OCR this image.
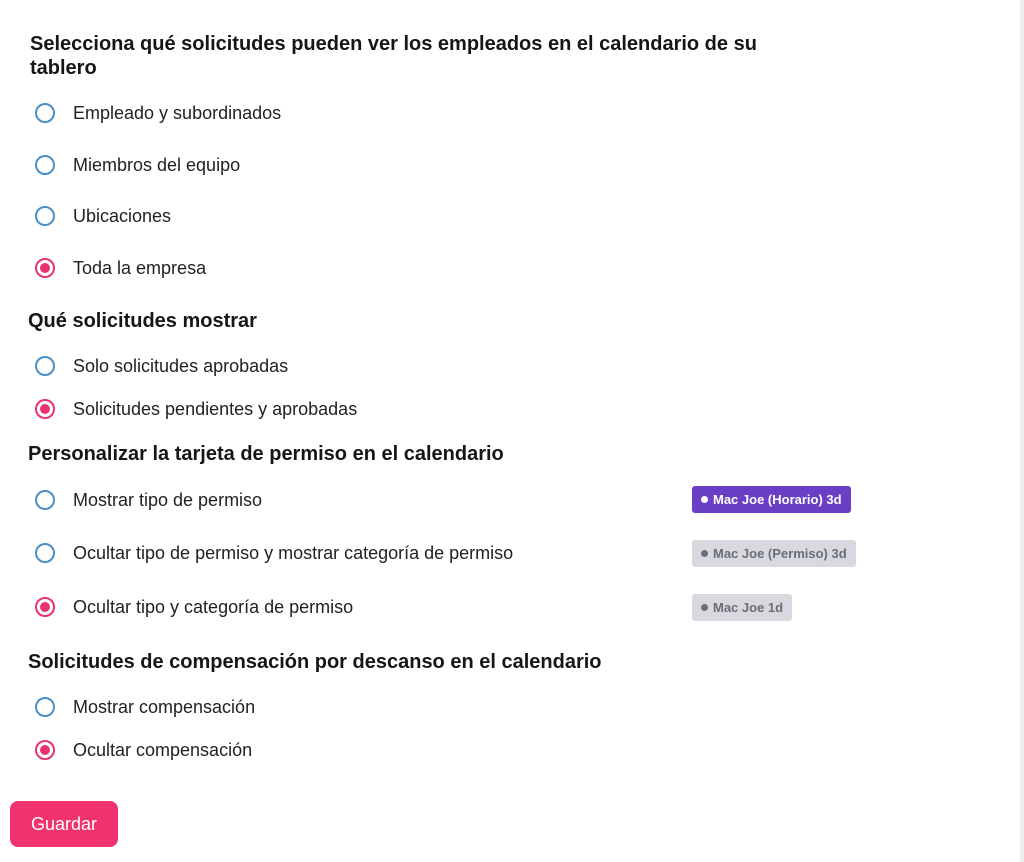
Selecciona qué solicitudes pueden ver los empleados en el calendario de su tablero
Empleado y subordinados
Miembros del equipo
Ubicaciones
Toda la empresa
Qué solicitudes mostrar
Solo solicitudes aprobadas
Solicitudes pendientes y aprobadas
Personalizar la tarjeta de permiso en el calendario
Mostrar tipo de permiso	Mac Joe (Horario) 3d
Ocultar tipo de permiso y mostrar categoría de permiso	Mac Joe (Permiso) 3d
Ocultar tipo y categoría de permiso	Mac Joe 1d
Solicitudes de compensación por descanso en el calendario
Mostrar compensación
Ocultar compensación
Guardar
